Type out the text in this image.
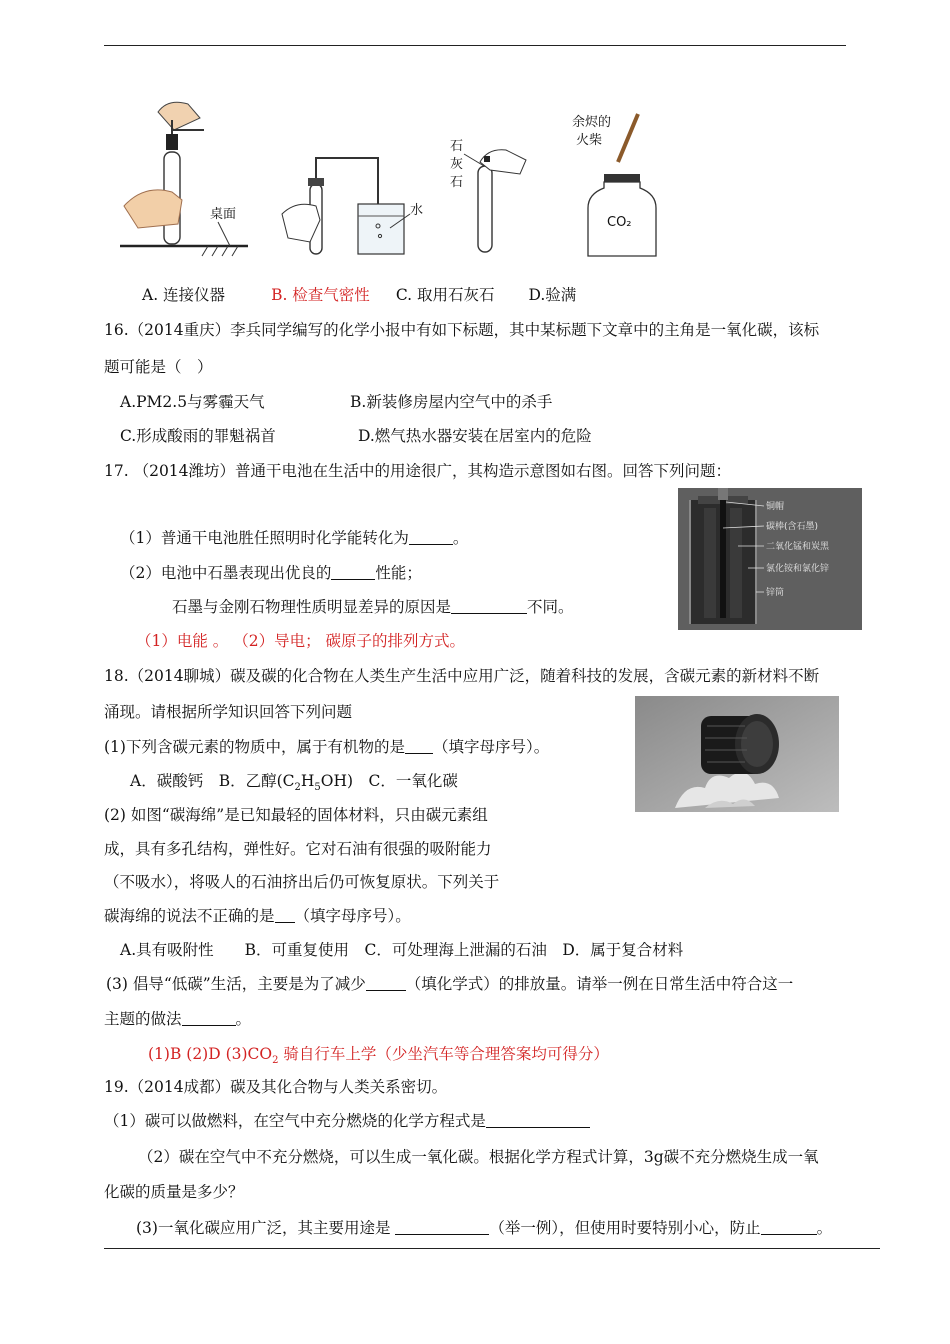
桌面	水
石
灰
石
余烬的
火柴
CO₂
A. 连接仪器	B. 检查气密性 C. 取用石灰石 D.验满
16.（2014重庆）李兵同学编写的化学小报中有如下标题，其中某标题下文章中的主角是一氧化碳，该标
题可能是（　）
A.PM2.5与雾霾天气	B.新装修房屋内空气中的杀手
C.形成酸雨的罪魁祸首	D.燃气热水器安装在居室内的危险
17. （2014潍坊）普通干电池在生活中的用途很广，其构造示意图如右图。回答下列问题：
铜帽
碳棒(含石墨)
二氧化锰和炭黑
氯化铵和氯化锌
锌筒
（1）普通干电池胜任照明时化学能转化为	。
（2）电池中石墨表现出优良的	性能；
石墨与金刚石物理性质明显差异的原因是	不同。
（1）电能 。 （2）导电； 碳原子的排列方式。
18.（2014聊城）碳及碳的化合物在人类生产生活中应用广泛，随着科技的发展，含碳元素的新材料不断
涌现。请根据所学知识回答下列问题
(1)下列含碳元素的物质中，属于有机物的是 （填字母序号）。
A．碳酸钙　B．乙醇$(C_2H_5OH)$　C．一氧化碳
(2) 如图“碳海绵”是已知最轻的固体材料，只由碳元素组
成，具有多孔结构，弹性好。它对石油有很强的吸附能力
（不吸水），将吸人的石油挤出后仍可恢复原状。下列关于
碳海绵的说法不正确的是 （填字母序号）。
A.具有吸附性　　B．可重复使用　C．可处理海上泄漏的石油　D．属于复合材料
(3) 倡导“低碳”生活，主要是为了减少	（填化学式）的排放量。请举一例在日常生活中符合这一
主题的做法	。
(1)B (2)D $(3)CO_2$ 骑自行车上学（少坐汽车等合理答案均可得分）
19.（2014成都）碳及其化合物与人类关系密切。
（1）碳可以做燃料，在空气中充分燃烧的化学方程式是
（2）碳在空气中不充分燃烧，可以生成一氧化碳。根据化学方程式计算，3g碳不充分燃烧生成一氧
化碳的质量是多少？
(3)一氧化碳应用广泛，其主要用途是	（举一例），但使用时要特别小心，防止	。
